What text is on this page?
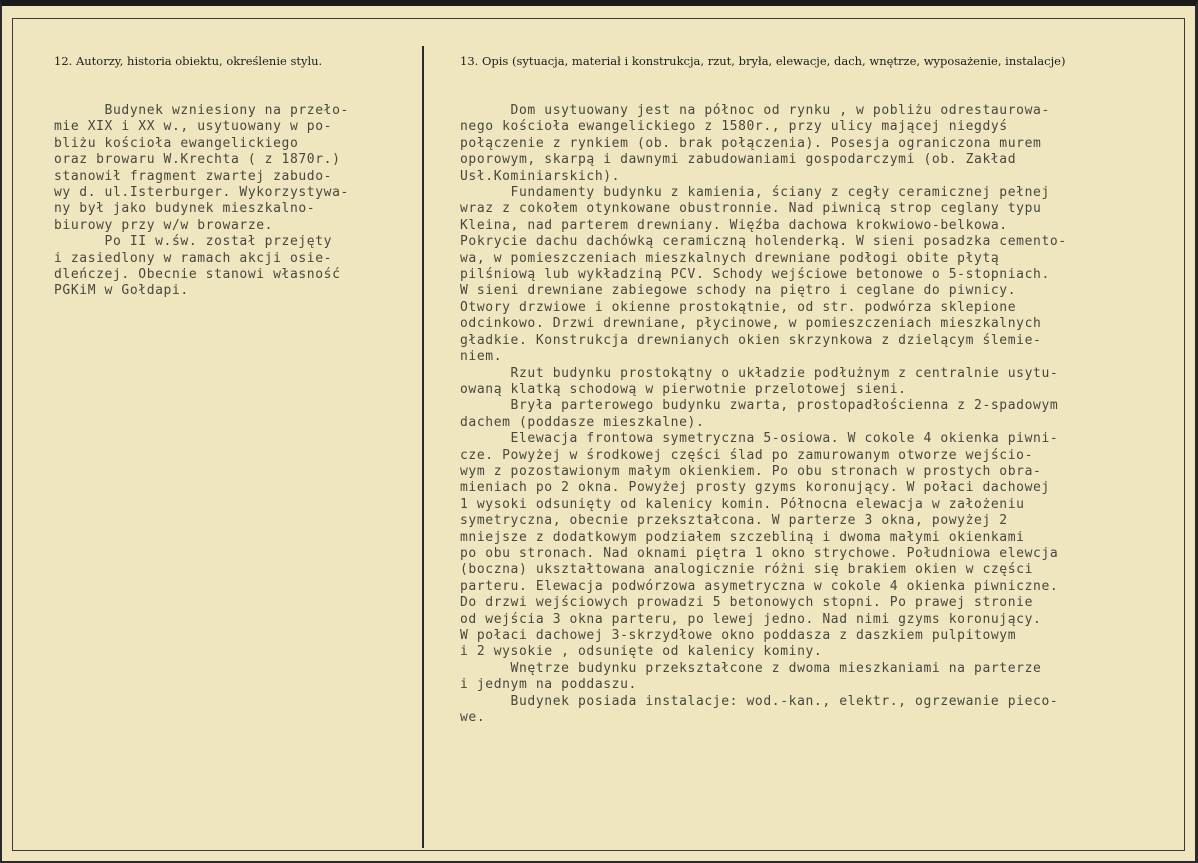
12. Autorzy, historia obiektu, określenie stylu.	13. Opis (sytuacja, materiał i konstrukcja, rzut, bryła, elewacje, dach, wnętrze, wyposażenie, instalacje)
Budynek wzniesiony na przeło-
mie XIX i XX w., usytuowany w po-
bliżu kościoła ewangelickiego
oraz browaru W.Krechta ( z 1870r.)
stanowił fragment zwartej zabudo-
wy d. ul.Isterburger. Wykorzystywa-
ny był jako budynek mieszkalno-
biurowy przy w/w browarze.
Po II w.św. został przejęty
i zasiedlony w ramach akcji osie-
dleńczej. Obecnie stanowi własność
PGKiM w Gołdapi.
Dom usytuowany jest na północ od rynku , w pobliżu odrestaurowa-
nego kościoła ewangelickiego z 1580r., przy ulicy mającej niegdyś
połączenie z rynkiem (ob. brak połączenia). Posesja ograniczona murem
oporowym, skarpą i dawnymi zabudowaniami gospodarczymi (ob. Zakład
Usł.Kominiarskich).
Fundamenty budynku z kamienia, ściany z cegły ceramicznej pełnej
wraz z cokołem otynkowane obustronnie. Nad piwnicą strop ceglany typu
Kleina, nad parterem drewniany. Więźba dachowa krokwiowo-belkowa.
Pokrycie dachu dachówką ceramiczną holenderką. W sieni posadzka cemento-
wa, w pomieszczeniach mieszkalnych drewniane podłogi obite płytą
pilśniową lub wykładziną PCV. Schody wejściowe betonowe o 5-stopniach.
W sieni drewniane zabiegowe schody na piętro i ceglane do piwnicy.
Otwory drzwiowe i okienne prostokątnie, od str. podwórza sklepione
odcinkowo. Drzwi drewniane, płycinowe, w pomieszczeniach mieszkalnych
gładkie. Konstrukcja drewnianych okien skrzynkowa z dzielącym ślemie-
niem.
Rzut budynku prostokątny o układzie podłużnym z centralnie usytu-
owaną klatką schodową w pierwotnie przelotowej sieni.
Bryła parterowego budynku zwarta, prostopadłościenna z 2-spadowym
dachem (poddasze mieszkalne).
Elewacja frontowa symetryczna 5-osiowa. W cokole 4 okienka piwni-
cze. Powyżej w środkowej części ślad po zamurowanym otworze wejścio-
wym z pozostawionym małym okienkiem. Po obu stronach w prostych obra-
mieniach po 2 okna. Powyżej prosty gzyms koronujący. W połaci dachowej
1 wysoki odsunięty od kalenicy komin. Północna elewacja w założeniu
symetryczna, obecnie przekształcona. W parterze 3 okna, powyżej 2
mniejsze z dodatkowym podziałem szczebliną i dwoma małymi okienkami
po obu stronach. Nad oknami piętra 1 okno strychowe. Południowa elewcja
(boczna) ukształtowana analogicznie różni się brakiem okien w części
parteru. Elewacja podwórzowa asymetryczna w cokole 4 okienka piwniczne.
Do drzwi wejściowych prowadzi 5 betonowych stopni. Po prawej stronie
od wejścia 3 okna parteru, po lewej jedno. Nad nimi gzyms koronujący.
W połaci dachowej 3-skrzydłowe okno poddasza z daszkiem pulpitowym
i 2 wysokie , odsunięte od kalenicy kominy.
Wnętrze budynku przekształcone z dwoma mieszkaniami na parterze
i jednym na poddaszu.
Budynek posiada instalacje: wod.-kan., elektr., ogrzewanie pieco-
we.
